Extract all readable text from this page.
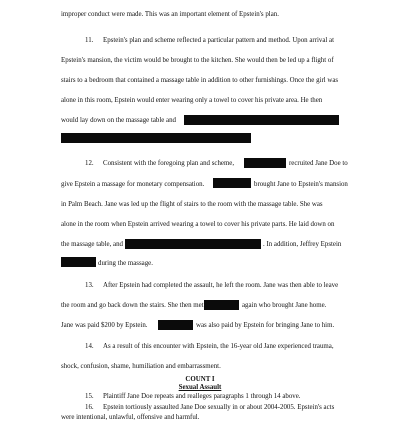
improper conduct were made. This was an important element of Epstein's plan.
11. Epstein's plan and scheme reflected a particular pattern and method. Upon arrival at
Epstein's mansion, the victim would be brought to the kitchen. She would then be led up a flight of
stairs to a bedroom that contained a massage table in addition to other furnishings. Once the girl was
alone in this room, Epstein would enter wearing only a towel to cover his private area. He then
would lay down on the massage table and
12. Consistent with the foregoing plan and scheme,	recruited Jane Doe to
give Epstein a massage for monetary compensation.	brought Jane to Epstein's mansion
in Palm Beach. Jane was led up the flight of stairs to the room with the massage table. She was
alone in the room when Epstein arrived wearing a towel to cover his private parts. He laid down on
the massage table, and	. In addition, Jeffrey Epstein
during the massage.
13. After Epstein had completed the assault, he left the room. Jane was then able to leave
the room and go back down the stairs. She then met	again who brought Jane home.
Jane was paid $200 by Epstein.	was also paid by Epstein for bringing Jane to him.
14. As a result of this encounter with Epstein, the 16-year old Jane experienced trauma,
shock, confusion, shame, humiliation and embarrassment.
COUNT I
Sexual Assault
15. Plaintiff Jane Doe repeats and realleges paragraphs 1 through 14 above.
16. Epstein tortiously assaulted Jane Doe sexually in or about 2004-2005. Epstein's acts
were intentional, unlawful, offensive and harmful.
